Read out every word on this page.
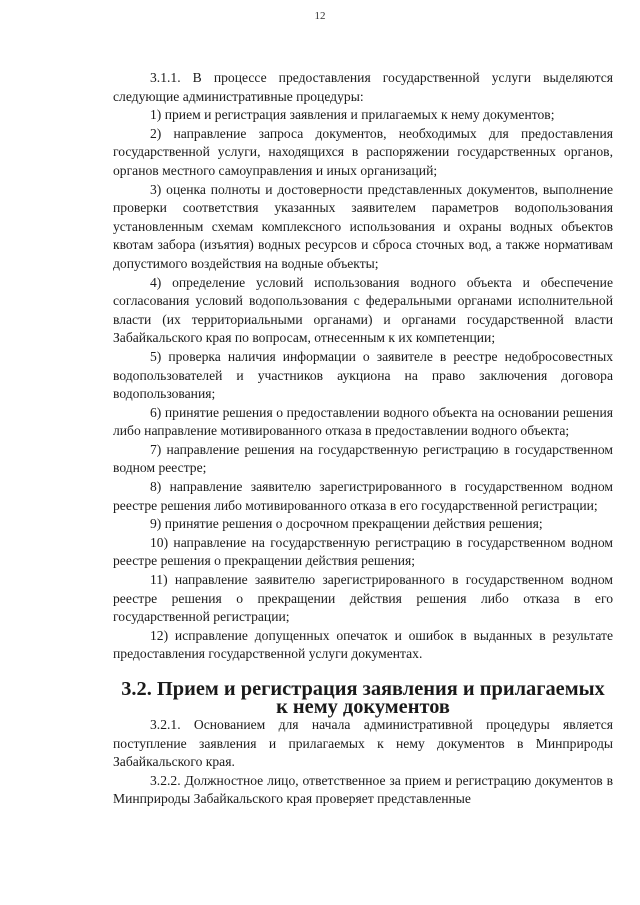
12

3.1.1. В процессе предоставления государственной услуги выделяются следующие административные процедуры:

1) прием и регистрация заявления и прилагаемых к нему документов;

2) направление запроса документов, необходимых для предоставления государственной услуги, находящихся в распоряжении государственных органов, органов местного самоуправления и иных организаций;

3) оценка полноты и достоверности представленных документов, выполнение проверки соответствия указанных заявителем параметров водопользования установленным схемам комплексного использования и охраны водных объектов квотам забора (изъятия) водных ресурсов и сброса сточных вод, а также нормативам допустимого воздействия на водные объекты;

4) определение условий использования водного объекта и обеспечение согласования условий водопользования с федеральными органами исполнительной власти (их территориальными органами) и органами государственной власти Забайкальского края по вопросам, отнесенным к их компетенции;

5) проверка наличия информации о заявителе в реестре недобросовестных водопользователей и участников аукциона на право заключения договора водопользования;

6) принятие решения о предоставлении водного объекта на основании решения либо направление мотивированного отказа в предоставлении водного объекта;

7) направление решения на государственную регистрацию в государственном водном реестре;

8) направление заявителю зарегистрированного в государственном водном реестре решения либо мотивированного отказа в его государственной регистрации;

9) принятие решения о досрочном прекращении действия решения;

10) направление на государственную регистрацию в государственном водном реестре решения о прекращении действия решения;

11) направление заявителю зарегистрированного в государственном водном реестре решения о прекращении действия решения либо отказа в его государственной регистрации;

12) исправление допущенных опечаток и ошибок в выданных в результате предоставления государственной услуги документах.

3.2. Прием и регистрация заявления и прилагаемых
к нему документов

3.2.1. Основанием для начала административной процедуры является поступление заявления и прилагаемых к нему документов в Минприроды Забайкальского края.

3.2.2. Должностное лицо, ответственное за прием и регистрацию документов в Минприроды Забайкальского края проверяет представленные
